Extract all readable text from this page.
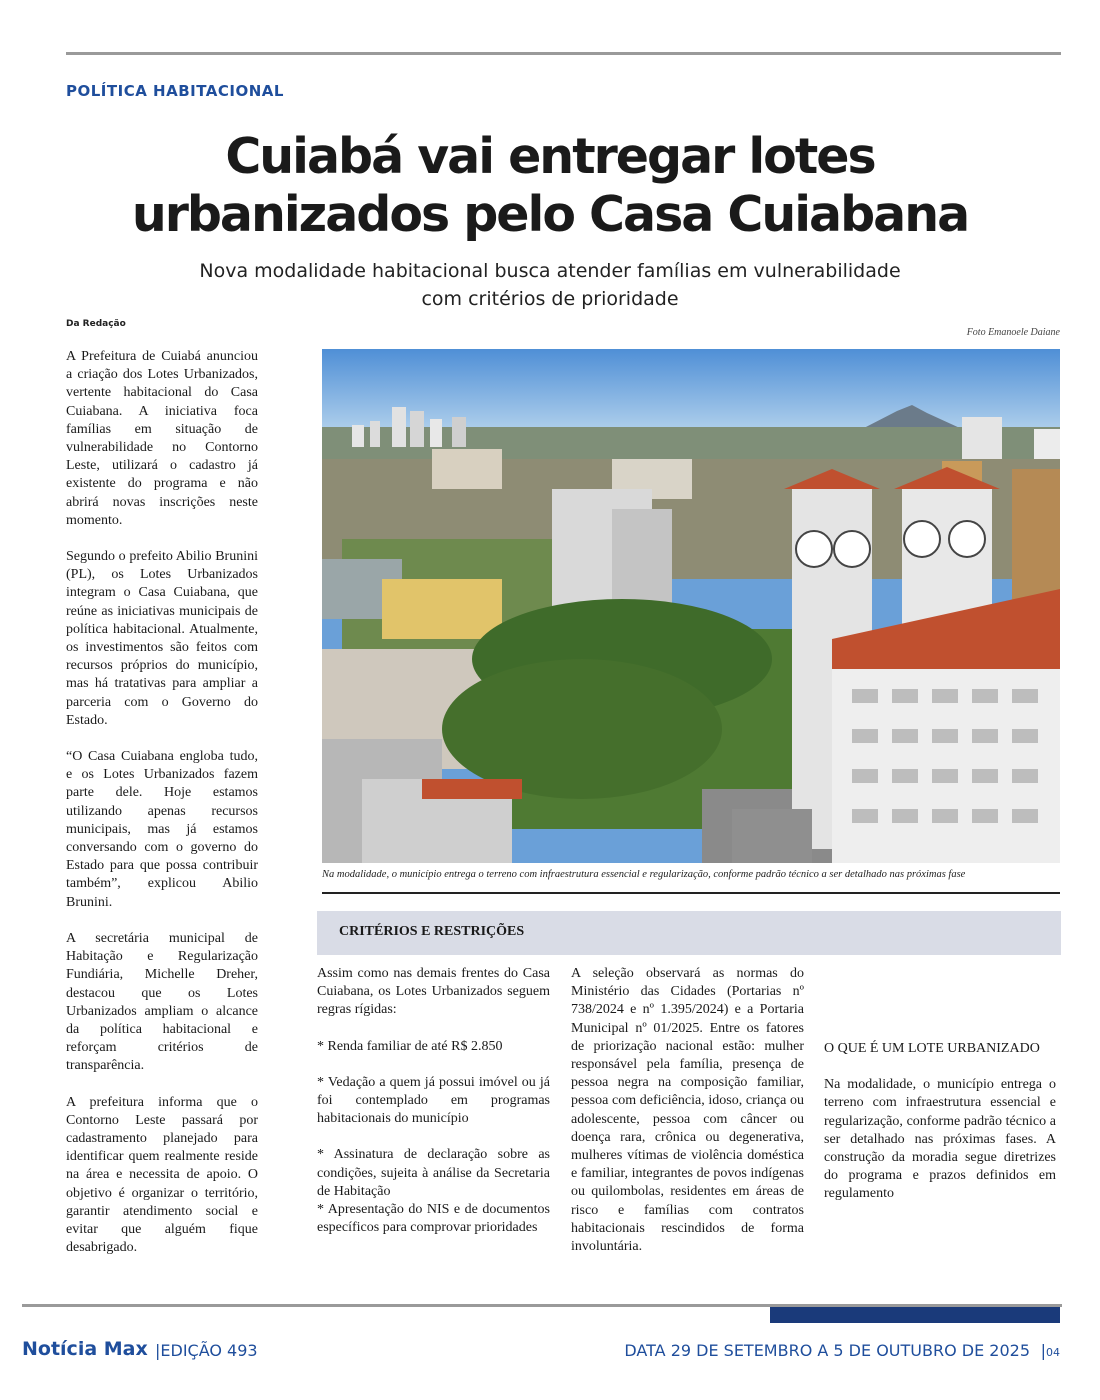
POLÍTICA HABITACIONAL
Cuiabá vai entregar lotes
urbanizados pelo Casa Cuiabana
Nova modalidade habitacional busca atender famílias em vulnerabilidade
com critérios de prioridade
Da Redação
Foto Emanoele Daiane

A Prefeitura de Cuiabá anunciou a criação dos Lotes Urbanizados, vertente habitacional do Casa Cuiabana. A iniciativa foca famílias em situação de vulnerabilidade no Contorno Leste, utilizará o cadastro já existente do programa e não abrirá novas inscrições neste momento.

Segundo o prefeito Abilio Brunini (PL), os Lotes Urbanizados integram o Casa Cuiabana, que reúne as iniciativas municipais de política habitacional. Atualmente, os investimentos são feitos com recursos próprios do município, mas há tratativas para ampliar a parceria com o Governo do Estado.

“O Casa Cuiabana engloba tudo, e os Lotes Urbanizados fazem parte dele. Hoje estamos utilizando apenas recursos municipais, mas já estamos conversando com o governo do Estado para que possa contribuir também”, explicou Abilio Brunini.

A secretária municipal de Habitação e Regularização Fundiária, Michelle Dreher, destacou que os Lotes Urbanizados ampliam o alcance da política habitacional e reforçam critérios de transparência.

A prefeitura informa que o Contorno Leste passará por cadastramento planejado para identificar quem realmente reside na área e necessita de apoio. O objetivo é organizar o território, garantir atendimento social e evitar que alguém fique desabrigado.

Na modalidade, o município entrega o terreno com infraestrutura essencial e regularização, conforme padrão técnico a ser detalhado nas próximas fase
CRITÉRIOS E RESTRIÇÕES

Assim como nas demais frentes do Casa Cuiabana, os Lotes Urbanizados seguem regras rígidas:

* Renda familiar de até R$ 2.850

* Vedação a quem já possui imóvel ou já foi contemplado em programas habitacionais do município

* Assinatura de declaração sobre as condições, sujeita à análise da Secretaria de Habitação

* Apresentação do NIS e de documentos específicos para comprovar prioridades

A seleção observará as normas do Ministério das Cidades (Portarias nº 738/2024 e nº 1.395/2024) e a Portaria Municipal nº 01/2025. Entre os fatores de priorização nacional estão: mulher responsável pela família, presença de pessoa negra na composição familiar, pessoa com deficiência, idoso, criança ou adolescente, pessoa com câncer ou doença rara, crônica ou degenerativa, mulheres vítimas de violência doméstica e familiar, integrantes de povos indígenas ou quilombolas, residentes em áreas de risco e famílias com contratos habitacionais rescindidos de forma involuntária.

O QUE É UM LOTE URBANIZADO

Na modalidade, o município entrega o terreno com infraestrutura essencial e regularização, conforme padrão técnico a ser detalhado nas próximas fases. A construção da moradia segue diretrizes do programa e prazos definidos em regulamento

Notícia Max |EDIÇÃO 493	DATA 29 DE SETEMBRO A 5 DE OUTUBRO DE 2025 |04
